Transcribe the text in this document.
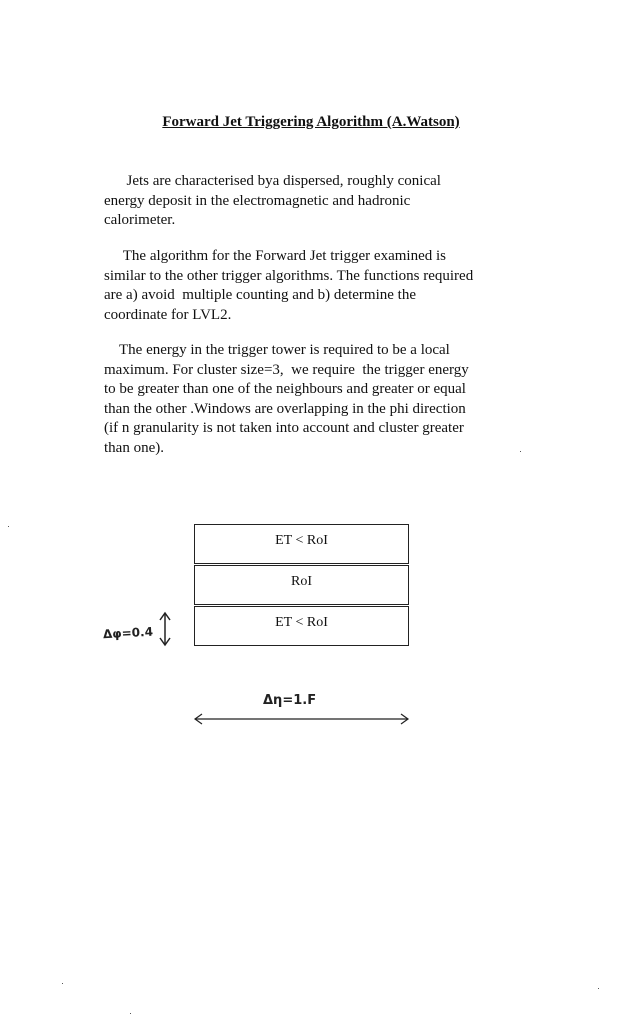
Forward Jet Triggering Algorithm (A.Watson)

Jets are characterised bya dispersed, roughly conical
energy deposit in the electromagnetic and hadronic
calorimeter.

The algorithm for the Forward Jet trigger examined is
similar to the other trigger algorithms. The functions required
are a) avoid  multiple counting and b) determine the
coordinate for LVL2.

The energy in the trigger tower is required to be a local
maximum. For cluster size=3,  we require  the trigger energy
to be greater than one of the neighbours and greater or equal
than the other .Windows are overlapping in the phi direction
(if n granularity is not taken into account and cluster greater
than one).

ET < RoI
RoI
ET < RoI
Δφ=0.4
Δη=1.F
